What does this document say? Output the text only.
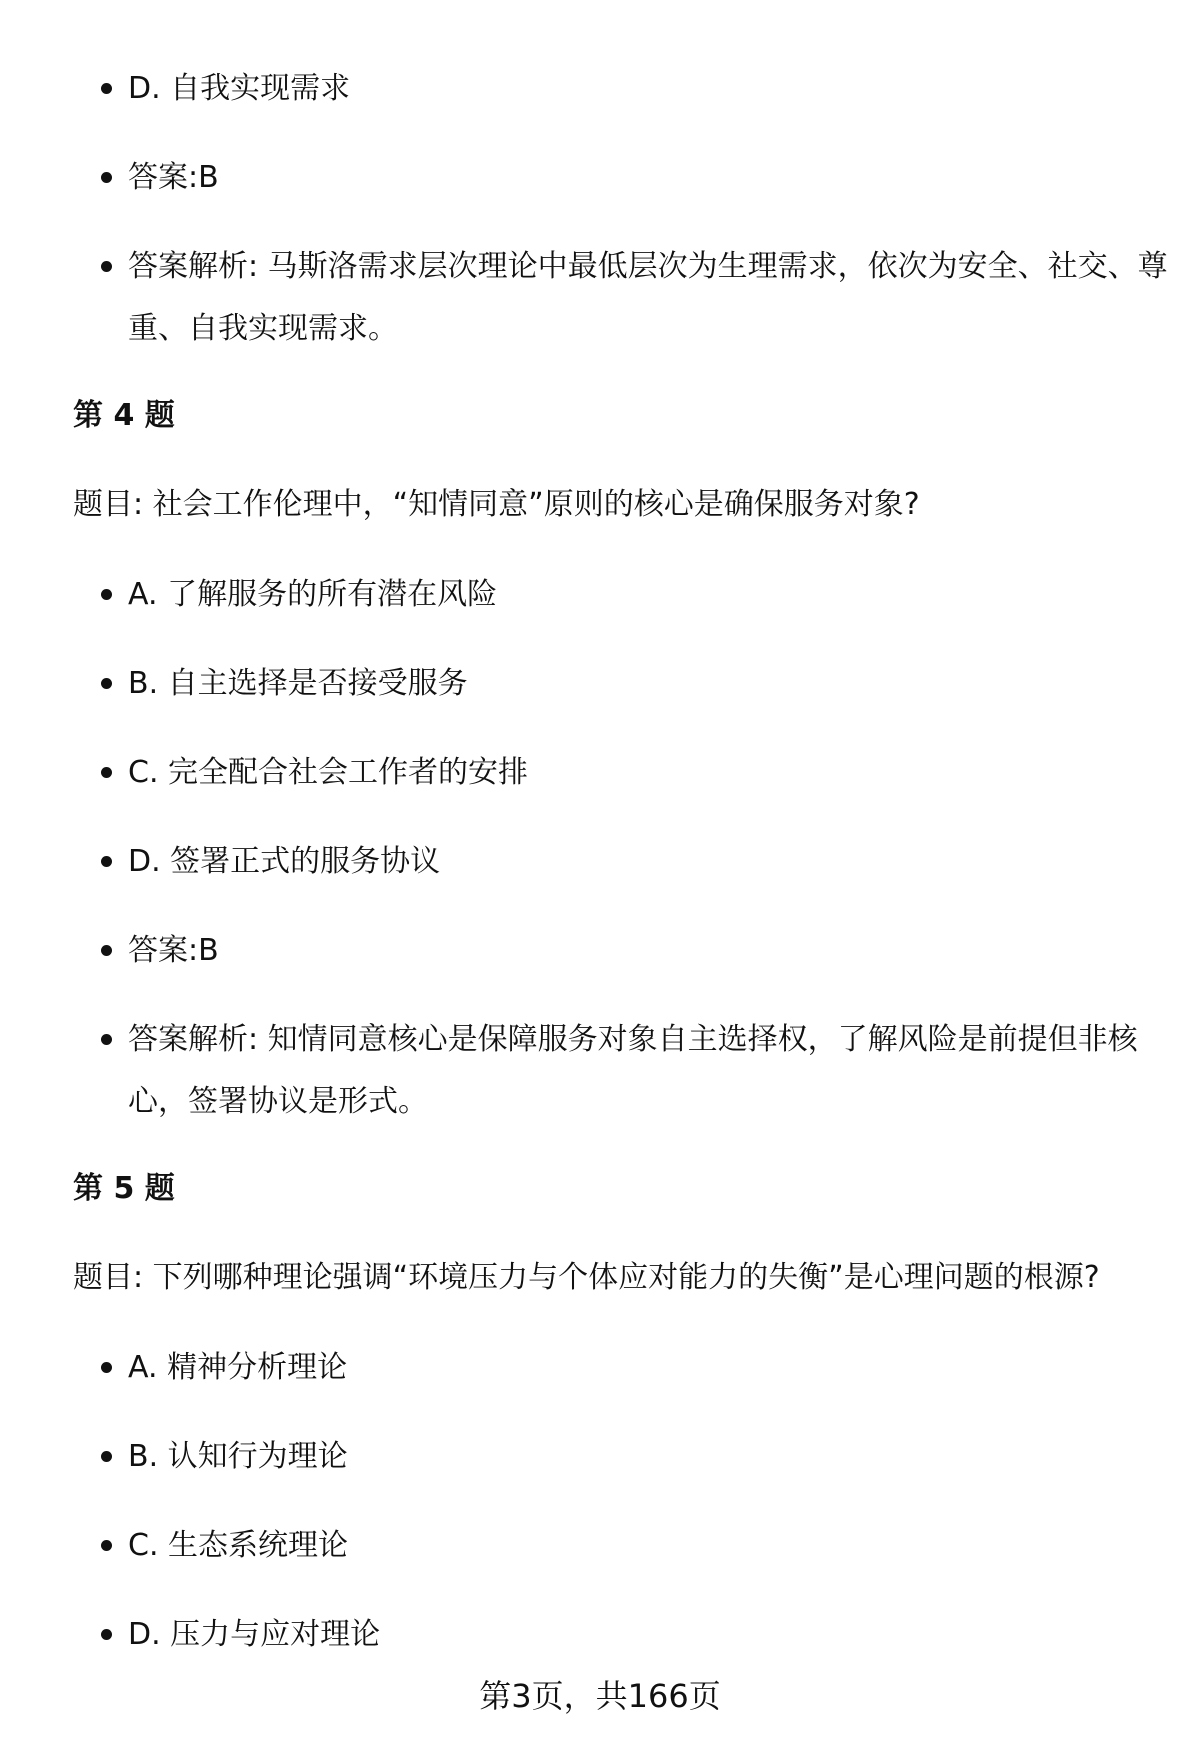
D. 自我实现需求
答案:B
答案解析: 马斯洛需求层次理论中最低层次为生理需求，依次为安全、社交、尊重、自我实现需求。
第 4 题
题目: 社会工作伦理中，“知情同意”原则的核心是确保服务对象?
A. 了解服务的所有潜在风险
B. 自主选择是否接受服务
C. 完全配合社会工作者的安排
D. 签署正式的服务协议
答案:B
答案解析: 知情同意核心是保障服务对象自主选择权，了解风险是前提但非核心，签署协议是形式。
第 5 题
题目: 下列哪种理论强调“环境压力与个体应对能力的失衡”是心理问题的根源?
A. 精神分析理论
B. 认知行为理论
C. 生态系统理论
D. 压力与应对理论
第3页，共166页
